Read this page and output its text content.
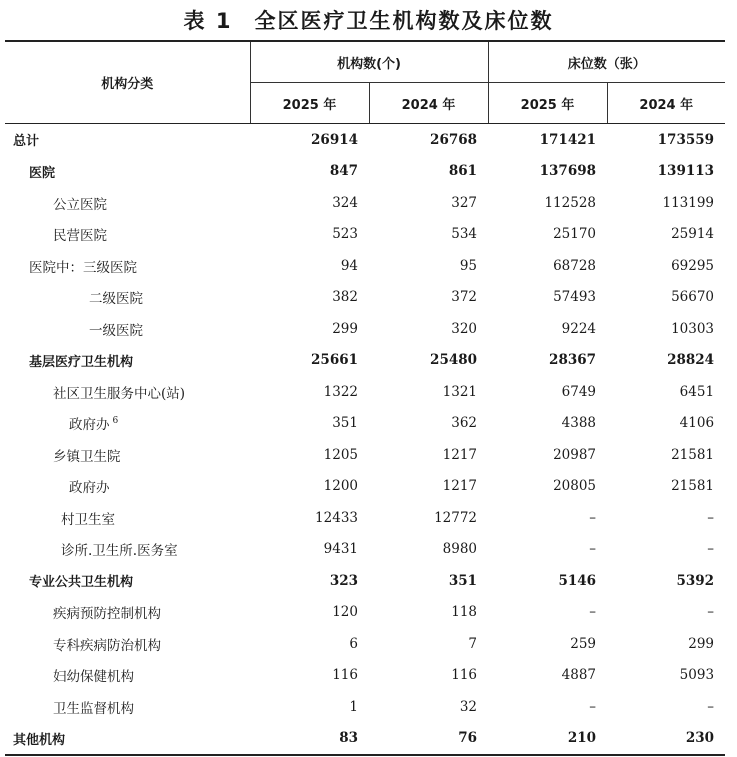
表 1 全区医疗卫生机构数及床位数
机构分类	机构数(个)		床位数（张）	
	2025 年	2024 年	2025 年	2024 年
总计	26914	26768	171421	173559
医院	847	861	137698	139113
公立医院	324	327	112528	113199
民营医院	523	534	25170	25914
医院中：三级医院	94	95	68728	69295
二级医院	382	372	57493	56670
一级医院	299	320	9224	10303
基层医疗卫生机构	25661	25480	28367	28824
社区卫生服务中心(站)	1322	1321	6749	6451
政府办 $^6$	351	362	4388	4106
乡镇卫生院	1205	1217	20987	21581
政府办	1200	1217	20805	21581
村卫生室	12433	12772	–	–
诊所.卫生所.医务室	9431	8980	–	–
专业公共卫生机构	323	351	5146	5392
疾病预防控制机构	120	118	–	–
专科疾病防治机构	6	7	259	299
妇幼保健机构	116	116	4887	5093
卫生监督机构	1	32	–	–
其他机构	83	76	210	230
